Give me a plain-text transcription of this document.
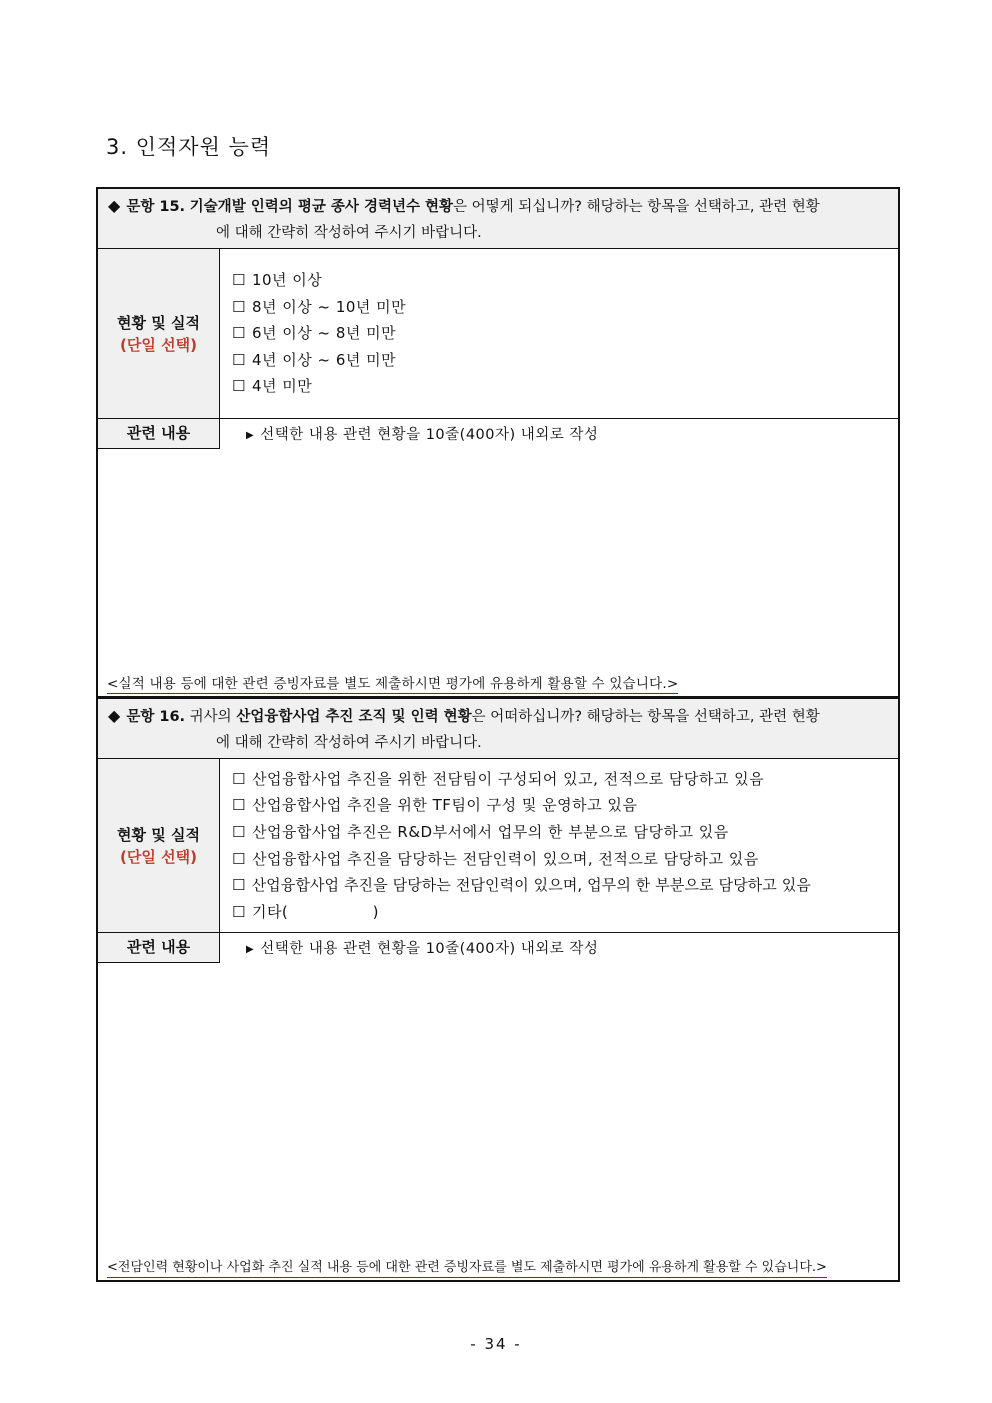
3. 인적자원 능력
◆ 문항 15. 기술개발 인력의 평균 종사 경력년수 현황은 어떻게 되십니까? 해당하는 항목을 선택하고, 관련 현황
에 대해 간략히 작성하여 주시기 바랍니다.
현황 및 실적
(단일 선택)
☐ 10년 이상
☐ 8년 이상 ~ 10년 미만
☐ 6년 이상 ~ 8년 미만
☐ 4년 이상 ~ 6년 미만
☐ 4년 미만
관련 내용	▶ 선택한 내용 관련 현황을 10줄(400자) 내외로 작성
<실적 내용 등에 대한 관련 증빙자료를 별도 제출하시면 평가에 유용하게 활용할 수 있습니다.>
◆ 문항 16. 귀사의 산업융합사업 추진 조직 및 인력 현황은 어떠하십니까? 해당하는 항목을 선택하고, 관련 현황
에 대해 간략히 작성하여 주시기 바랍니다.
현황 및 실적
(단일 선택)
☐ 산업융합사업 추진을 위한 전담팀이 구성되어 있고, 전적으로 담당하고 있음
☐ 산업융합사업 추진을 위한 TF팀이 구성 및 운영하고 있음
☐ 산업융합사업 추진은 R&D부서에서 업무의 한 부분으로 담당하고 있음
☐ 산업융합사업 추진을 담당하는 전담인력이 있으며, 전적으로 담당하고 있음
☐ 산업융합사업 추진을 담당하는 전담인력이 있으며, 업무의 한 부분으로 담당하고 있음
☐ 기타(                )
관련 내용	▶ 선택한 내용 관련 현황을 10줄(400자) 내외로 작성
<전담인력 현황이나 사업화 추진 실적 내용 등에 대한 관련 증빙자료를 별도 제출하시면 평가에 유용하게 활용할 수 있습니다.>
- 34 -
